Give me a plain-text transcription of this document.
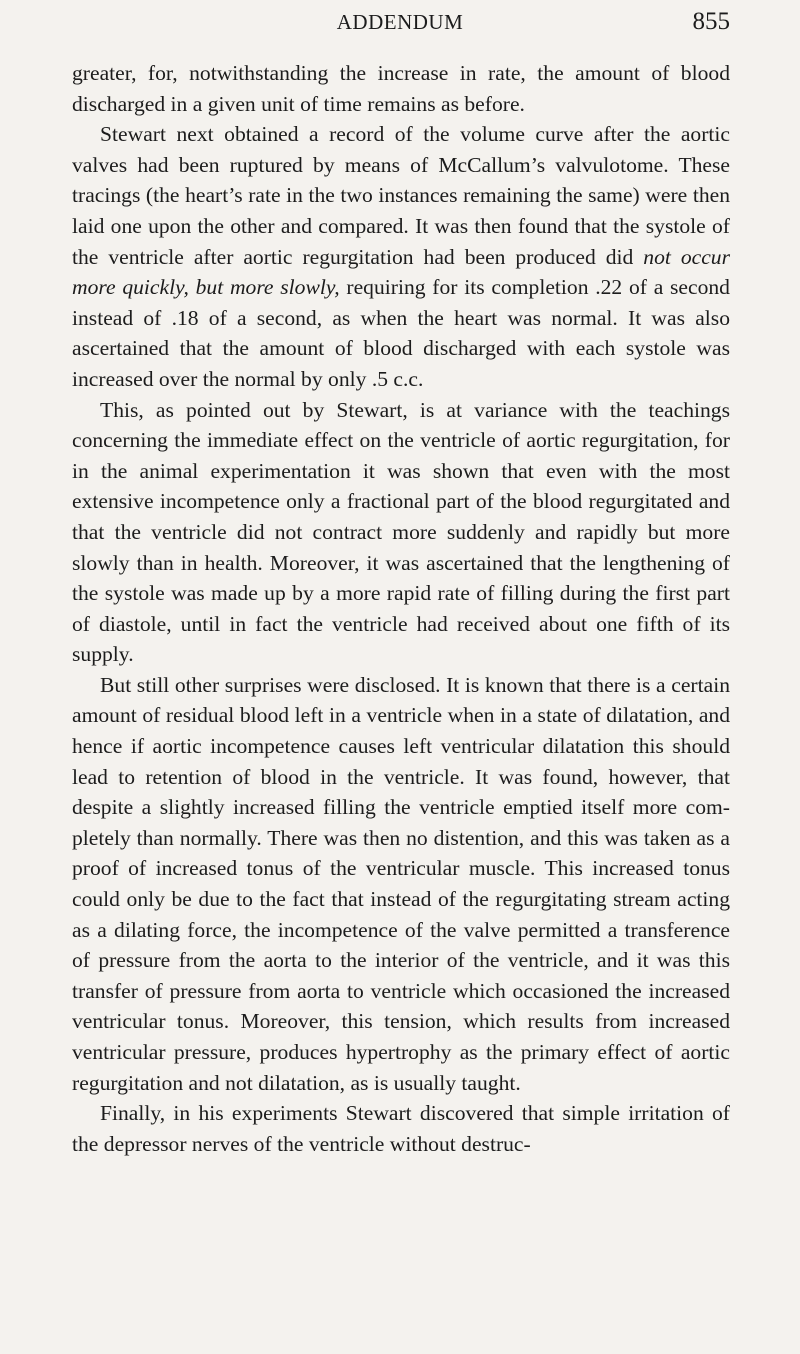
ADDENDUM	855

greater, for, notwithstanding the increase in rate, the amount of blood discharged in a given unit of time remains as before.

Stewart next obtained a record of the volume curve after the aortic valves had been ruptured by means of McCallum’s valvulotome. These tracings (the heart’s rate in the two instances remaining the same) were then laid one upon the other and compared. It was then found that the systole of the ventricle after aortic regurgitation had been produced did not occur more quickly, but more slowly, requiring for its completion .22 of a second instead of .18 of a second, as when the heart was normal. It was also ascertained that the amount of blood discharged with each systole was increased over the normal by only .5 c.c.

This, as pointed out by Stewart, is at variance with the teachings concerning the immediate effect on the ventricle of aortic regurgitation, for in the animal experimentation it was shown that even with the most extensive incompetence only a fractional part of the blood regurgitated and that the ventricle did not contract more suddenly and rapidly but more slowly than in health. Moreover, it was ascertained that the lengthening of the systole was made up by a more rapid rate of filling during the first part of diastole, until in fact the ventricle had received about one fifth of its supply.

But still other surprises were disclosed. It is known that there is a certain amount of residual blood left in a ventricle when in a state of dilatation, and hence if aortic incompetence causes left ventricular dilatation this should lead to retention of blood in the ventricle. It was found, however, that despite a slightly increased filling the ventricle emptied itself more completely than normally. There was then no distention, and this was taken as a proof of increased tonus of the ventricular muscle. This increased tonus could only be due to the fact that instead of the regurgitating stream acting as a dilating force, the incompetence of the valve permitted a transference of pressure from the aorta to the interior of the ventricle, and it was this transfer of pressure from aorta to ventricle which occasioned the increased ventricular tonus. Moreover, this tension, which results from increased ventricular pressure, produces hypertrophy as the primary effect of aortic regurgitation and not dilatation, as is usually taught.

Finally, in his experiments Stewart discovered that simple irritation of the depressor nerves of the ventricle without destruc-
